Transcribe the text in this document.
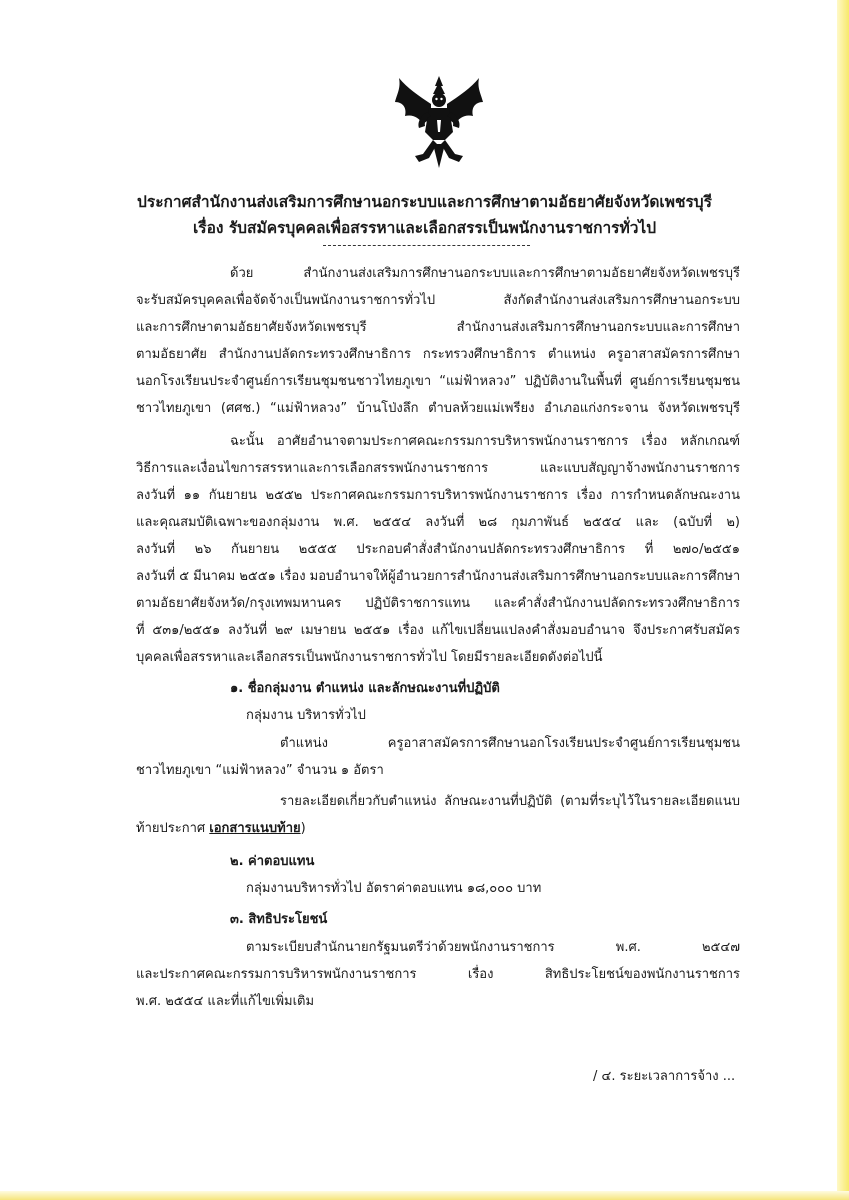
ประกาศสำนักงานส่งเสริมการศึกษานอกระบบและการศึกษาตามอัธยาศัยจังหวัดเพชรบุรี
เรื่อง รับสมัครบุคคลเพื่อสรรหาและเลือกสรรเป็นพนักงานราชการทั่วไป
ด้วย สำนักงานส่งเสริมการศึกษานอกระบบและการศึกษาตามอัธยาศัยจังหวัดเพชรบุรี
จะรับสมัครบุคคลเพื่อจัดจ้างเป็นพนักงานราชการทั่วไป สังกัดสำนักงานส่งเสริมการศึกษานอกระบบ
และการศึกษาตามอัธยาศัยจังหวัดเพชรบุรี สำนักงานส่งเสริมการศึกษานอกระบบและการศึกษา
ตามอัธยาศัย สำนักงานปลัดกระทรวงศึกษาธิการ กระทรวงศึกษาธิการ ตำแหน่ง ครูอาสาสมัครการศึกษา
นอกโรงเรียนประจำศูนย์การเรียนชุมชนชาวไทยภูเขา “แม่ฟ้าหลวง” ปฏิบัติงานในพื้นที่ ศูนย์การเรียนชุมชน
ชาวไทยภูเขา (ศศช.) “แม่ฟ้าหลวง” บ้านโป่งลึก ตำบลห้วยแม่เพรียง อำเภอแก่งกระจาน จังหวัดเพชรบุรี
ฉะนั้น อาศัยอำนาจตามประกาศคณะกรรมการบริหารพนักงานราชการ เรื่อง หลักเกณฑ์
วิธีการและเงื่อนไขการสรรหาและการเลือกสรรพนักงานราชการ และแบบสัญญาจ้างพนักงานราชการ
ลงวันที่ ๑๑ กันยายน ๒๕๕๒ ประกาศคณะกรรมการบริหารพนักงานราชการ เรื่อง การกำหนดลักษณะงาน
และคุณสมบัติเฉพาะของกลุ่มงาน พ.ศ. ๒๕๕๔ ลงวันที่ ๒๘ กุมภาพันธ์ ๒๕๕๔ และ (ฉบับที่ ๒)
ลงวันที่ ๒๖ กันยายน ๒๕๕๕ ประกอบคำสั่งสำนักงานปลัดกระทรวงศึกษาธิการ ที่ ๒๗๐/๒๕๕๑
ลงวันที่ ๕ มีนาคม ๒๕๕๑ เรื่อง มอบอำนาจให้ผู้อำนวยการสำนักงานส่งเสริมการศึกษานอกระบบและการศึกษา
ตามอัธยาศัยจังหวัด/กรุงเทพมหานคร ปฏิบัติราชการแทน และคำสั่งสำนักงานปลัดกระทรวงศึกษาธิการ
ที่ ๕๓๑/๒๕๕๑ ลงวันที่ ๒๙ เมษายน ๒๕๕๑ เรื่อง แก้ไขเปลี่ยนแปลงคำสั่งมอบอำนาจ จึงประกาศรับสมัคร
บุคคลเพื่อสรรหาและเลือกสรรเป็นพนักงานราชการทั่วไป โดยมีรายละเอียดดังต่อไปนี้
๑. ชื่อกลุ่มงาน ตำแหน่ง และลักษณะงานที่ปฏิบัติ
กลุ่มงาน บริหารทั่วไป
ตำแหน่ง ครูอาสาสมัครการศึกษานอกโรงเรียนประจำศูนย์การเรียนชุมชน
ชาวไทยภูเขา “แม่ฟ้าหลวง” จำนวน ๑ อัตรา
รายละเอียดเกี่ยวกับตำแหน่ง ลักษณะงานที่ปฏิบัติ (ตามที่ระบุไว้ในรายละเอียดแนบ
ท้ายประกาศ เอกสารแนบท้าย)
๒. ค่าตอบแทน
กลุ่มงานบริหารทั่วไป อัตราค่าตอบแทน ๑๘,๐๐๐ บาท
๓. สิทธิประโยชน์
ตามระเบียบสำนักนายกรัฐมนตรีว่าด้วยพนักงานราชการ พ.ศ. ๒๕๔๗
และประกาศคณะกรรมการบริหารพนักงานราชการ เรื่อง สิทธิประโยชน์ของพนักงานราชการ
พ.ศ. ๒๕๕๔ และที่แก้ไขเพิ่มเติม
/ ๔. ระยะเวลาการจ้าง ...
